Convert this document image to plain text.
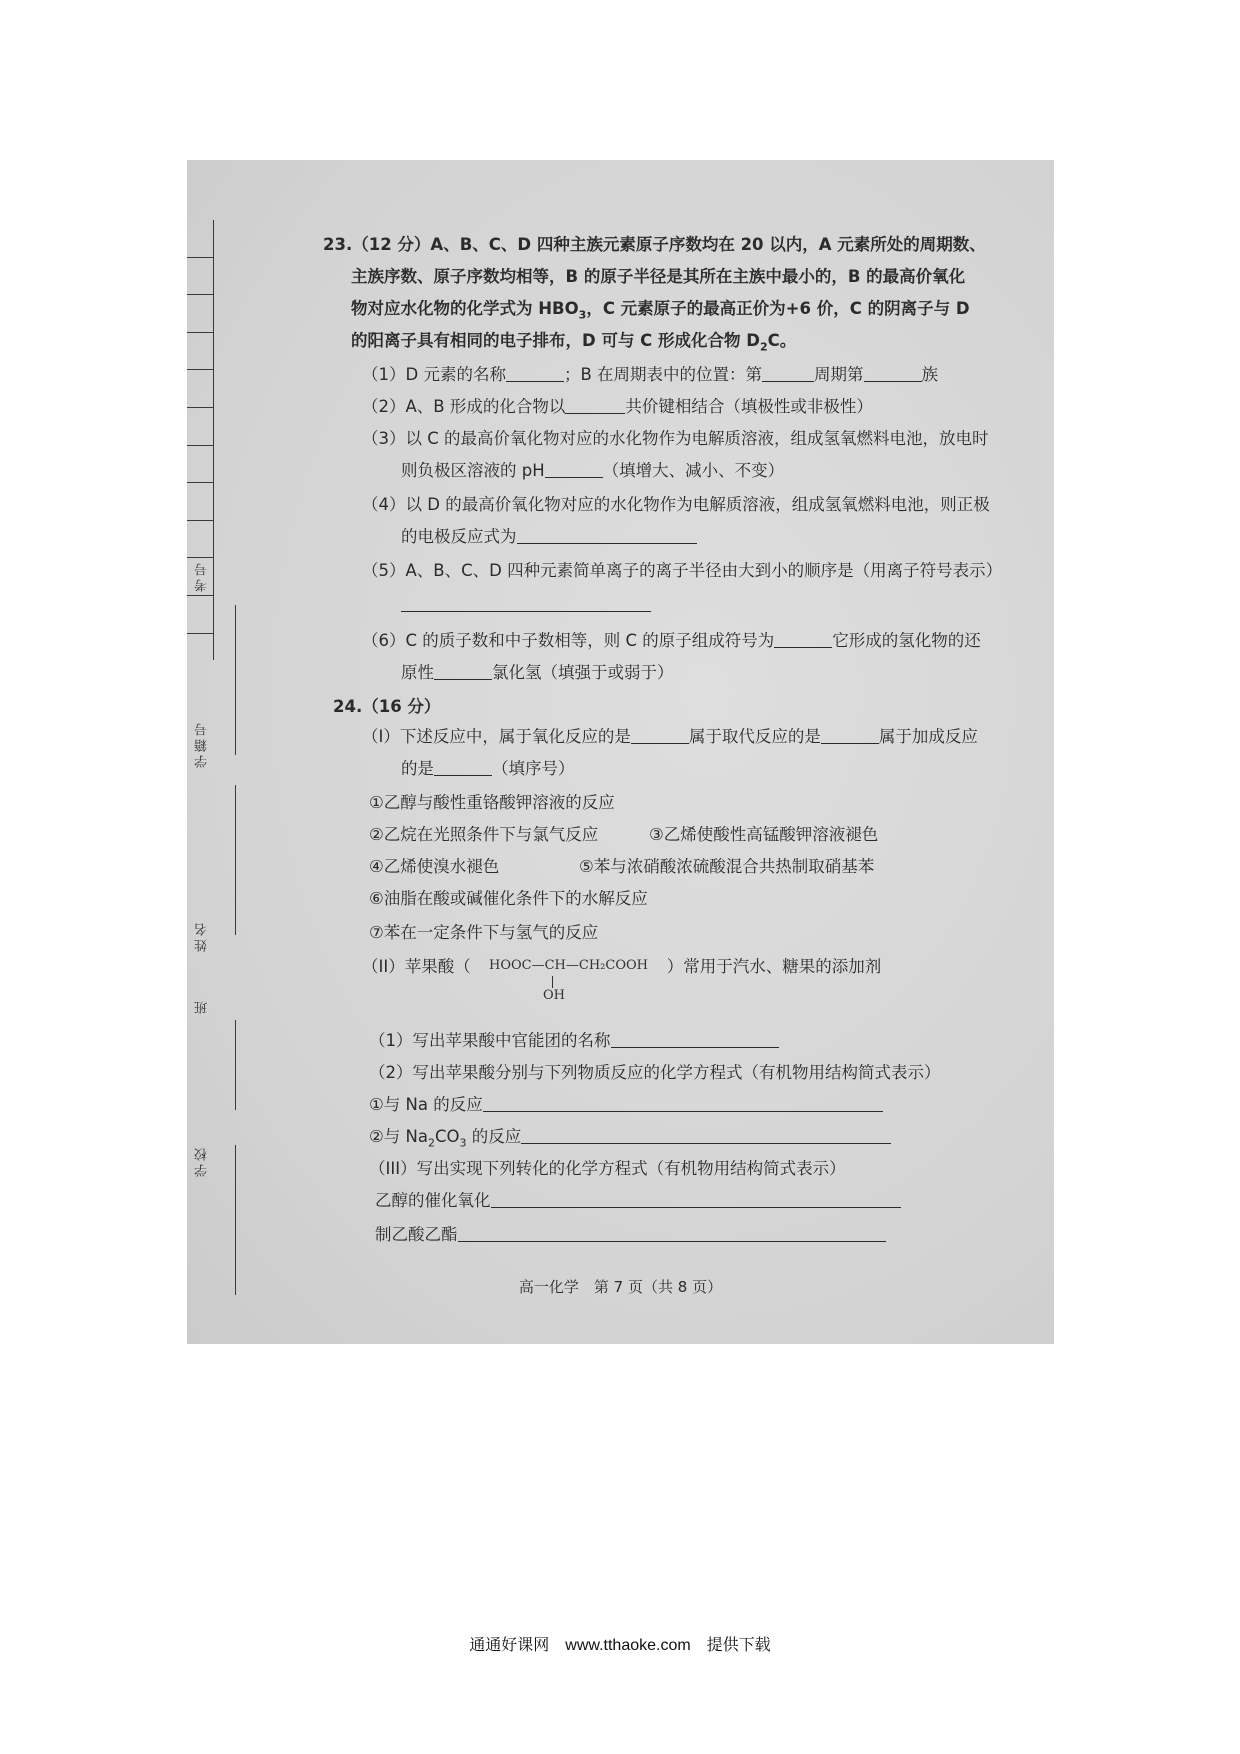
考号
学籍号
姓名
班
学校
23.（12 分）A、B、C、D 四种主族元素原子序数均在 20 以内，A 元素所处的周期数、
主族序数、原子序数均相等，B 的原子半径是其所在主族中最小的，B 的最高价氧化
物对应水化物的化学式为 $HBO_3$，C 元素原子的最高正价为+6 价，C 的阴离子与 D
的阳离子具有相同的电子排布，D 可与 C 形成化合物 $D_2C$。
（1）D 元素的名称	；B 在周期表中的位置：第	周期第	族
（2）A、B 形成的化合物以	共价键相结合（填极性或非极性）
（3）以 C 的最高价氧化物对应的水化物作为电解质溶液，组成氢氧燃料电池，放电时
则负极区溶液的 pH	（填增大、减小、不变）
（4）以 D 的最高价氧化物对应的水化物作为电解质溶液，组成氢氧燃料电池，则正极
的电极反应式为
（5）A、B、C、D 四种元素简单离子的离子半径由大到小的顺序是（用离子符号表示）
（6）C 的质子数和中子数相等，则 C 的原子组成符号为	它形成的氢化物的还
原性	氯化氢（填强于或弱于）
24.（16 分）
（I）下述反应中，属于氧化反应的是	属于取代反应的是	属于加成反应
的是	（填序号）
①乙醇与酸性重铬酸钾溶液的反应
②乙烷在光照条件下与氯气反应	③乙烯使酸性高锰酸钾溶液褪色
④乙烯使溴水褪色	⑤苯与浓硝酸浓硫酸混合共热制取硝基苯
⑥油脂在酸或碱催化条件下的水解反应
⑦苯在一定条件下与氢气的反应
（II）苹果酸（	）常用于汽水、糖果的添加剂
HOOC—CH—CH₂COOH
OH
（1）写出苹果酸中官能团的名称
（2）写出苹果酸分别与下列物质反应的化学方程式（有机物用结构简式表示）
①与 Na 的反应
②与 $Na_2CO_3$ 的反应
（III）写出实现下列转化的化学方程式（有机物用结构简式表示）
乙醇的催化氧化
制乙酸乙酯
高一化学　第 7 页（共 8 页）
通通好课网　www.tthaoke.com　提供下载
